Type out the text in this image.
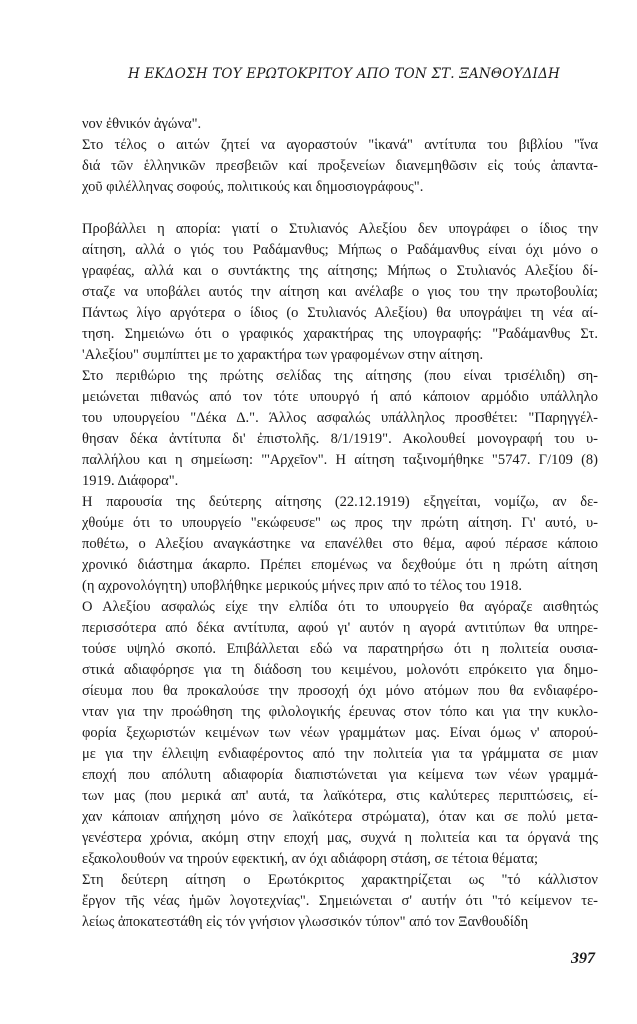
Η ΕΚΔΟΣΗ ΤΟΥ ΕΡΩΤΟΚΡΙΤΟΥ ΑΠΟ ΤΟΝ ΣΤ. ΞΑΝΘΟΥΔΙΔΗ
νον ἐθνικόν ἀγώνα".
Στο τέλος ο αιτών ζητεί να αγοραστούν "ἱκανά" αντίτυπα του βιβλίου "ἵνα
διά τῶν ἑλληνικῶν πρεσβειῶν καί προξενείων διανεμηθῶσιν εἰς τούς ἁπαντα-
χοῦ φιλέλληνας σοφούς, πολιτικούς και δημοσιογράφους".
Προβάλλει η απορία: γιατί ο Στυλιανός Αλεξίου δεν υπογράφει ο ίδιος την
αίτηση, αλλά ο γιός του Ραδάμανθυς; Μήπως ο Ραδάμανθυς είναι όχι μόνο ο
γραφέας, αλλά και ο συντάκτης της αίτησης; Μήπως ο Στυλιανός Αλεξίου δί-
σταζε να υποβάλει αυτός την αίτηση και ανέλαβε ο γιος του την πρωτοβουλία;
Πάντως λίγο αργότερα ο ίδιος (ο Στυλιανός Αλεξίου) θα υπογράψει τη νέα αί-
τηση. Σημειώνω ότι ο γραφικός χαρακτήρας της υπογραφής: "Ραδάμανθυς Στ.
'Αλεξίου" συμπίπτει με το χαρακτήρα των γραφομένων στην αίτηση.
Στο περιθώριο της πρώτης σελίδας της αίτησης (που είναι τρισέλιδη) ση-
μειώνεται πιθανώς από τον τότε υπουργό ή από κάποιον αρμόδιο υπάλληλο
του υπουργείου "Δέκα Δ.". Άλλος ασφαλώς υπάλληλος προσθέτει: "Παρηγγέλ-
θησαν δέκα ἀντίτυπα δι' ἐπιστολῆς. 8/1/1919". Ακολουθεί μονογραφή του υ-
παλλήλου και η σημείωση: "'Αρχεῖον". Η αίτηση ταξινομήθηκε "5747. Γ/109 (8)
1919. Διάφορα".
Η παρουσία της δεύτερης αίτησης (22.12.1919) εξηγείται, νομίζω, αν δε-
χθούμε ότι το υπουργείο "εκώφευσε" ως προς την πρώτη αίτηση. Γι' αυτό, υ-
ποθέτω, ο Αλεξίου αναγκάστηκε να επανέλθει στο θέμα, αφού πέρασε κάποιο
χρονικό διάστημα άκαρπο. Πρέπει επομένως να δεχθούμε ότι η πρώτη αίτηση
(η αχρονολόγητη) υποβλήθηκε μερικούς μήνες πριν από το τέλος του 1918.
Ο Αλεξίου ασφαλώς είχε την ελπίδα ότι το υπουργείο θα αγόραζε αισθητώς
περισσότερα από δέκα αντίτυπα, αφού γι' αυτόν η αγορά αντιτύπων θα υπηρε-
τούσε υψηλό σκοπό. Επιβάλλεται εδώ να παρατηρήσω ότι η πολιτεία ουσια-
στικά αδιαφόρησε για τη διάδοση του κειμένου, μολονότι επρόκειτο για δημο-
σίευμα που θα προκαλούσε την προσοχή όχι μόνο ατόμων που θα ενδιαφέρο-
νταν για την προώθηση της φιλολογικής έρευνας στον τόπο και για την κυκλο-
φορία ξεχωριστών κειμένων των νέων γραμμάτων μας. Είναι όμως ν' απορού-
με για την έλλειψη ενδιαφέροντος από την πολιτεία για τα γράμματα σε μιαν
εποχή που απόλυτη αδιαφορία διαπιστώνεται για κείμενα των νέων γραμμά-
των μας (που μερικά απ' αυτά, τα λαϊκότερα, στις καλύτερες περιπτώσεις, εί-
χαν κάποιαν απήχηση μόνο σε λαϊκότερα στρώματα), όταν και σε πολύ μετα-
γενέστερα χρόνια, ακόμη στην εποχή μας, συχνά η πολιτεία και τα όργανά της
εξακολουθούν να τηρούν εφεκτική, αν όχι αδιάφορη στάση, σε τέτοια θέματα;
Στη δεύτερη αίτηση ο Ερωτόκριτος χαρακτηρίζεται ως "τό κάλλιστον
ἔργον τῆς νέας ἡμῶν λογοτεχνίας". Σημειώνεται σ' αυτήν ότι "τό κείμενον τε-
λείως ἀποκατεστάθη εἰς τόν γνήσιον γλωσσικόν τύπον" από τον Ξανθουδίδη
397
